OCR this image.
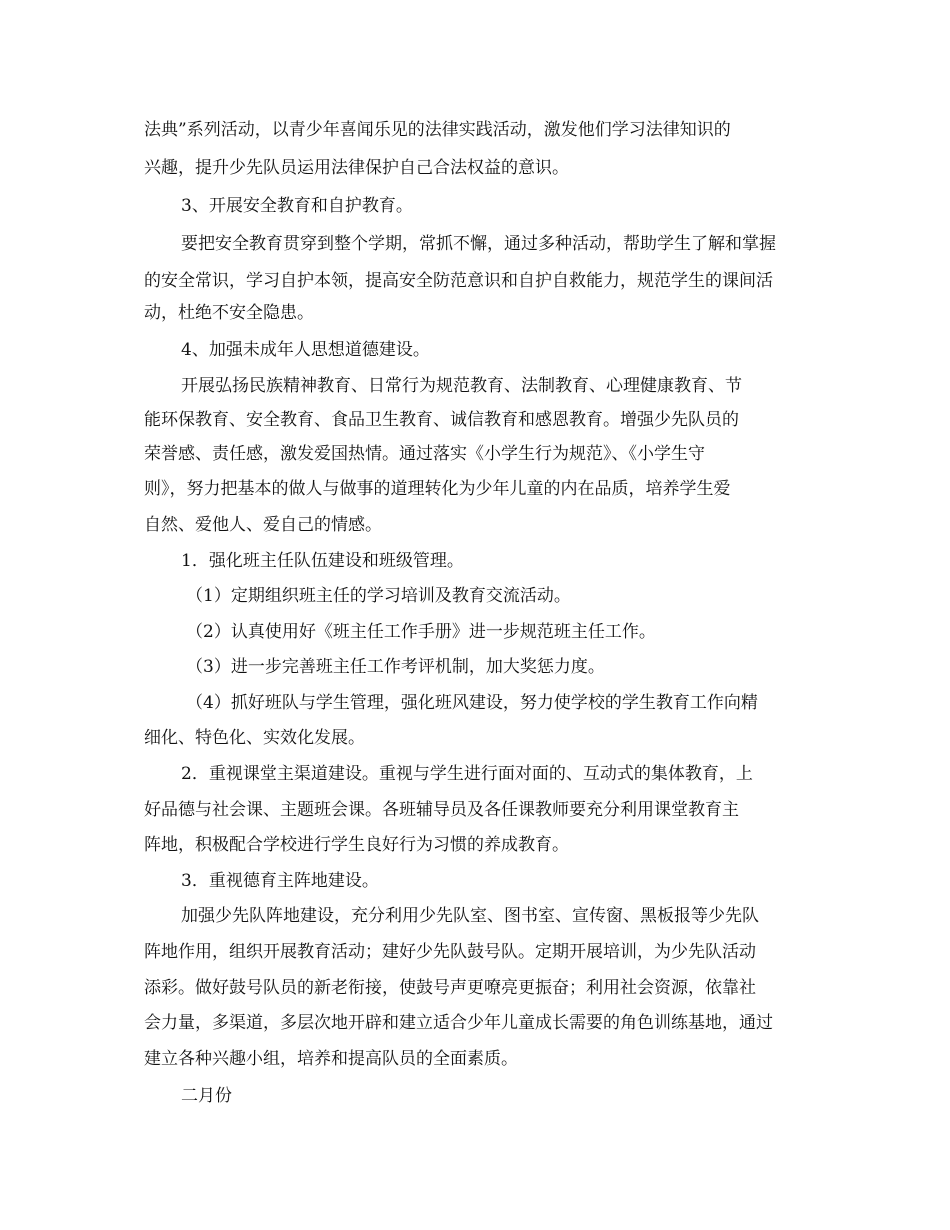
法典”系列活动，以青少年喜闻乐见的法律实践活动，激发他们学习法律知识的
兴趣，提升少先队员运用法律保护自己合法权益的意识。
3、开展安全教育和自护教育。
要把安全教育贯穿到整个学期，常抓不懈，通过多种活动，帮助学生了解和掌握
的安全常识，学习自护本领，提高安全防范意识和自护自救能力，规范学生的课间活
动，杜绝不安全隐患。
4、加强未成年人思想道德建设。
开展弘扬民族精神教育、日常行为规范教育、法制教育、心理健康教育、节
能环保教育、安全教育、食品卫生教育、诚信教育和感恩教育。增强少先队员的
荣誉感、责任感，激发爱国热情。通过落实《小学生行为规范》、《小学生守
则》，努力把基本的做人与做事的道理转化为少年儿童的内在品质，培养学生爱
自然、爱他人、爱自己的情感。
1．强化班主任队伍建设和班级管理。
（1）定期组织班主任的学习培训及教育交流活动。
（2）认真使用好《班主任工作手册》进一步规范班主任工作。
（3）进一步完善班主任工作考评机制，加大奖惩力度。
（4）抓好班队与学生管理，强化班风建设，努力使学校的学生教育工作向精
细化、特色化、实效化发展。
2．重视课堂主渠道建设。重视与学生进行面对面的、互动式的集体教育，上
好品德与社会课、主题班会课。各班辅导员及各任课教师要充分利用课堂教育主
阵地，积极配合学校进行学生良好行为习惯的养成教育。
3．重视德育主阵地建设。
加强少先队阵地建设，充分利用少先队室、图书室、宣传窗、黑板报等少先队
阵地作用，组织开展教育活动；建好少先队鼓号队。定期开展培训，为少先队活动
添彩。做好鼓号队员的新老衔接，使鼓号声更嘹亮更振奋；利用社会资源，依靠社
会力量，多渠道，多层次地开辟和建立适合少年儿童成长需要的角色训练基地，通过
建立各种兴趣小组，培养和提高队员的全面素质。
二月份
